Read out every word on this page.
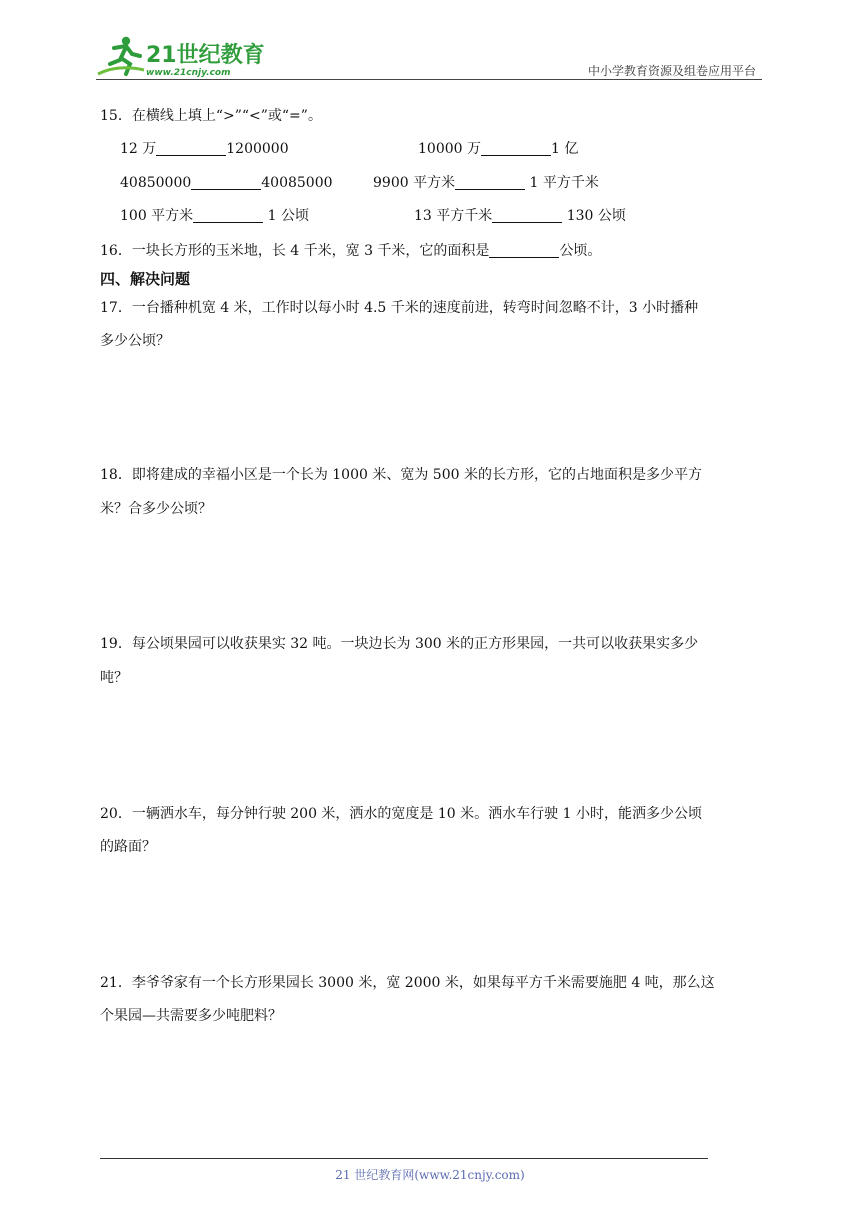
21世纪教育
www.21cnjy.com	中小学教育资源及组卷应用平台
15．在横线上填上“>”“<”或“=”。
12 万	1200000	10000 万	1 亿
40850000	40085000	9900 平方米	1 平方千米
100 平方米	1 公顷	13 平方千米	130 公顷
16．一块长方形的玉米地，长 4 千米，宽 3 千米，它的面积是	公顷。
四、解决问题
17．一台播种机宽 4 米，工作时以每小时 4.5 千米的速度前进，转弯时间忽略不计，3 小时播种
多少公顷？
18．即将建成的幸福小区是一个长为 1000 米、宽为 500 米的长方形，它的占地面积是多少平方
米？合多少公顷？
19．每公顷果园可以收获果实 32 吨。一块边长为 300 米的正方形果园，一共可以收获果实多少
吨？
20．一辆洒水车，每分钟行驶 200 米，洒水的宽度是 10 米。洒水车行驶 1 小时，能洒多少公顷
的路面？
21．李爷爷家有一个长方形果园长 3000 米，宽 2000 米，如果每平方千米需要施肥 4 吨，那么这
个果园—共需要多少吨肥料？
21 世纪教育网(www.21cnjy.com)
